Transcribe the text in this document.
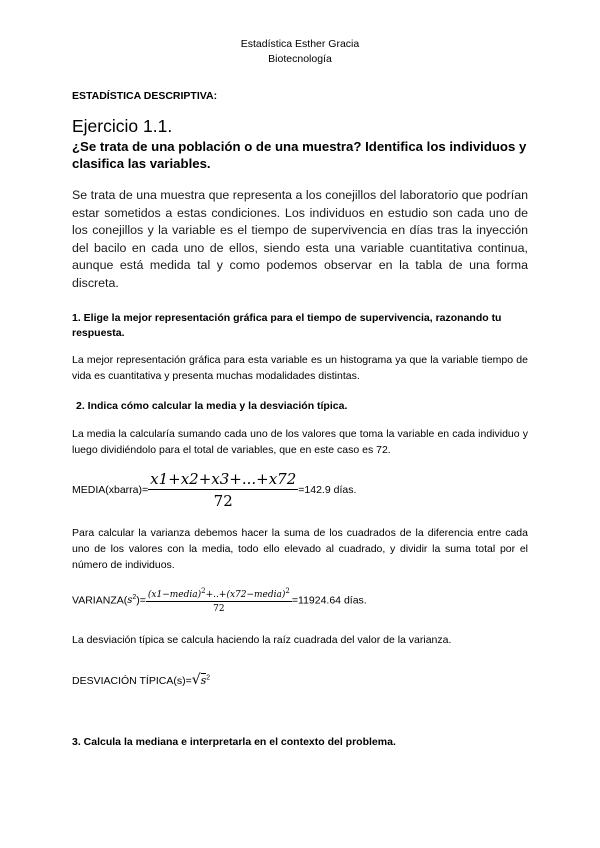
Estadística Esther Gracia
Biotecnología
ESTADÍSTICA DESCRIPTIVA:
Ejercicio 1.1.
¿Se trata de una población o de una muestra? Identifica los individuos y
clasifica las variables.
Se trata de una muestra que representa a los conejillos del laboratorio que podrían estar sometidos a estas condiciones. Los individuos en estudio son cada uno de los conejillos y la variable es el tiempo de supervivencia en días tras la inyección del bacilo en cada uno de ellos, siendo esta una variable cuantitativa continua, aunque está medida tal y como podemos observar en la tabla de una forma discreta.
1. Elige la mejor representación gráfica para el tiempo de supervivencia, razonando tu respuesta.
La mejor representación gráfica para esta variable es un histograma ya que la variable tiempo de vida es cuantitativa y presenta muchas modalidades distintas.
2. Indica cómo calcular la media y la desviación típica.
La media la calcularía sumando cada uno de los valores que toma la variable en cada individuo y luego dividiéndolo para el total de variables, que en este caso es 72.
MEDIA(xbarra)= $\frac{x1+x2+x3+...+x72}{72} =142.9$ días.
Para calcular la varianza debemos hacer la suma de los cuadrados de la diferencia entre cada uno de los valores con la media, todo ello elevado al cuadrado, y dividir la suma total por el número de individuos.
$VARIANZA(s^2)= \frac{(x1-media)^2+..+(x72-media)^2}{72} =11924.64$ días.
La desviación típica se calcula haciendo la raíz cuadrada del valor de la varianza.
DESVIACIÓN $TÍPICA(s)=√s^2$
3. Calcula la mediana e interpretarla en el contexto del problema.
